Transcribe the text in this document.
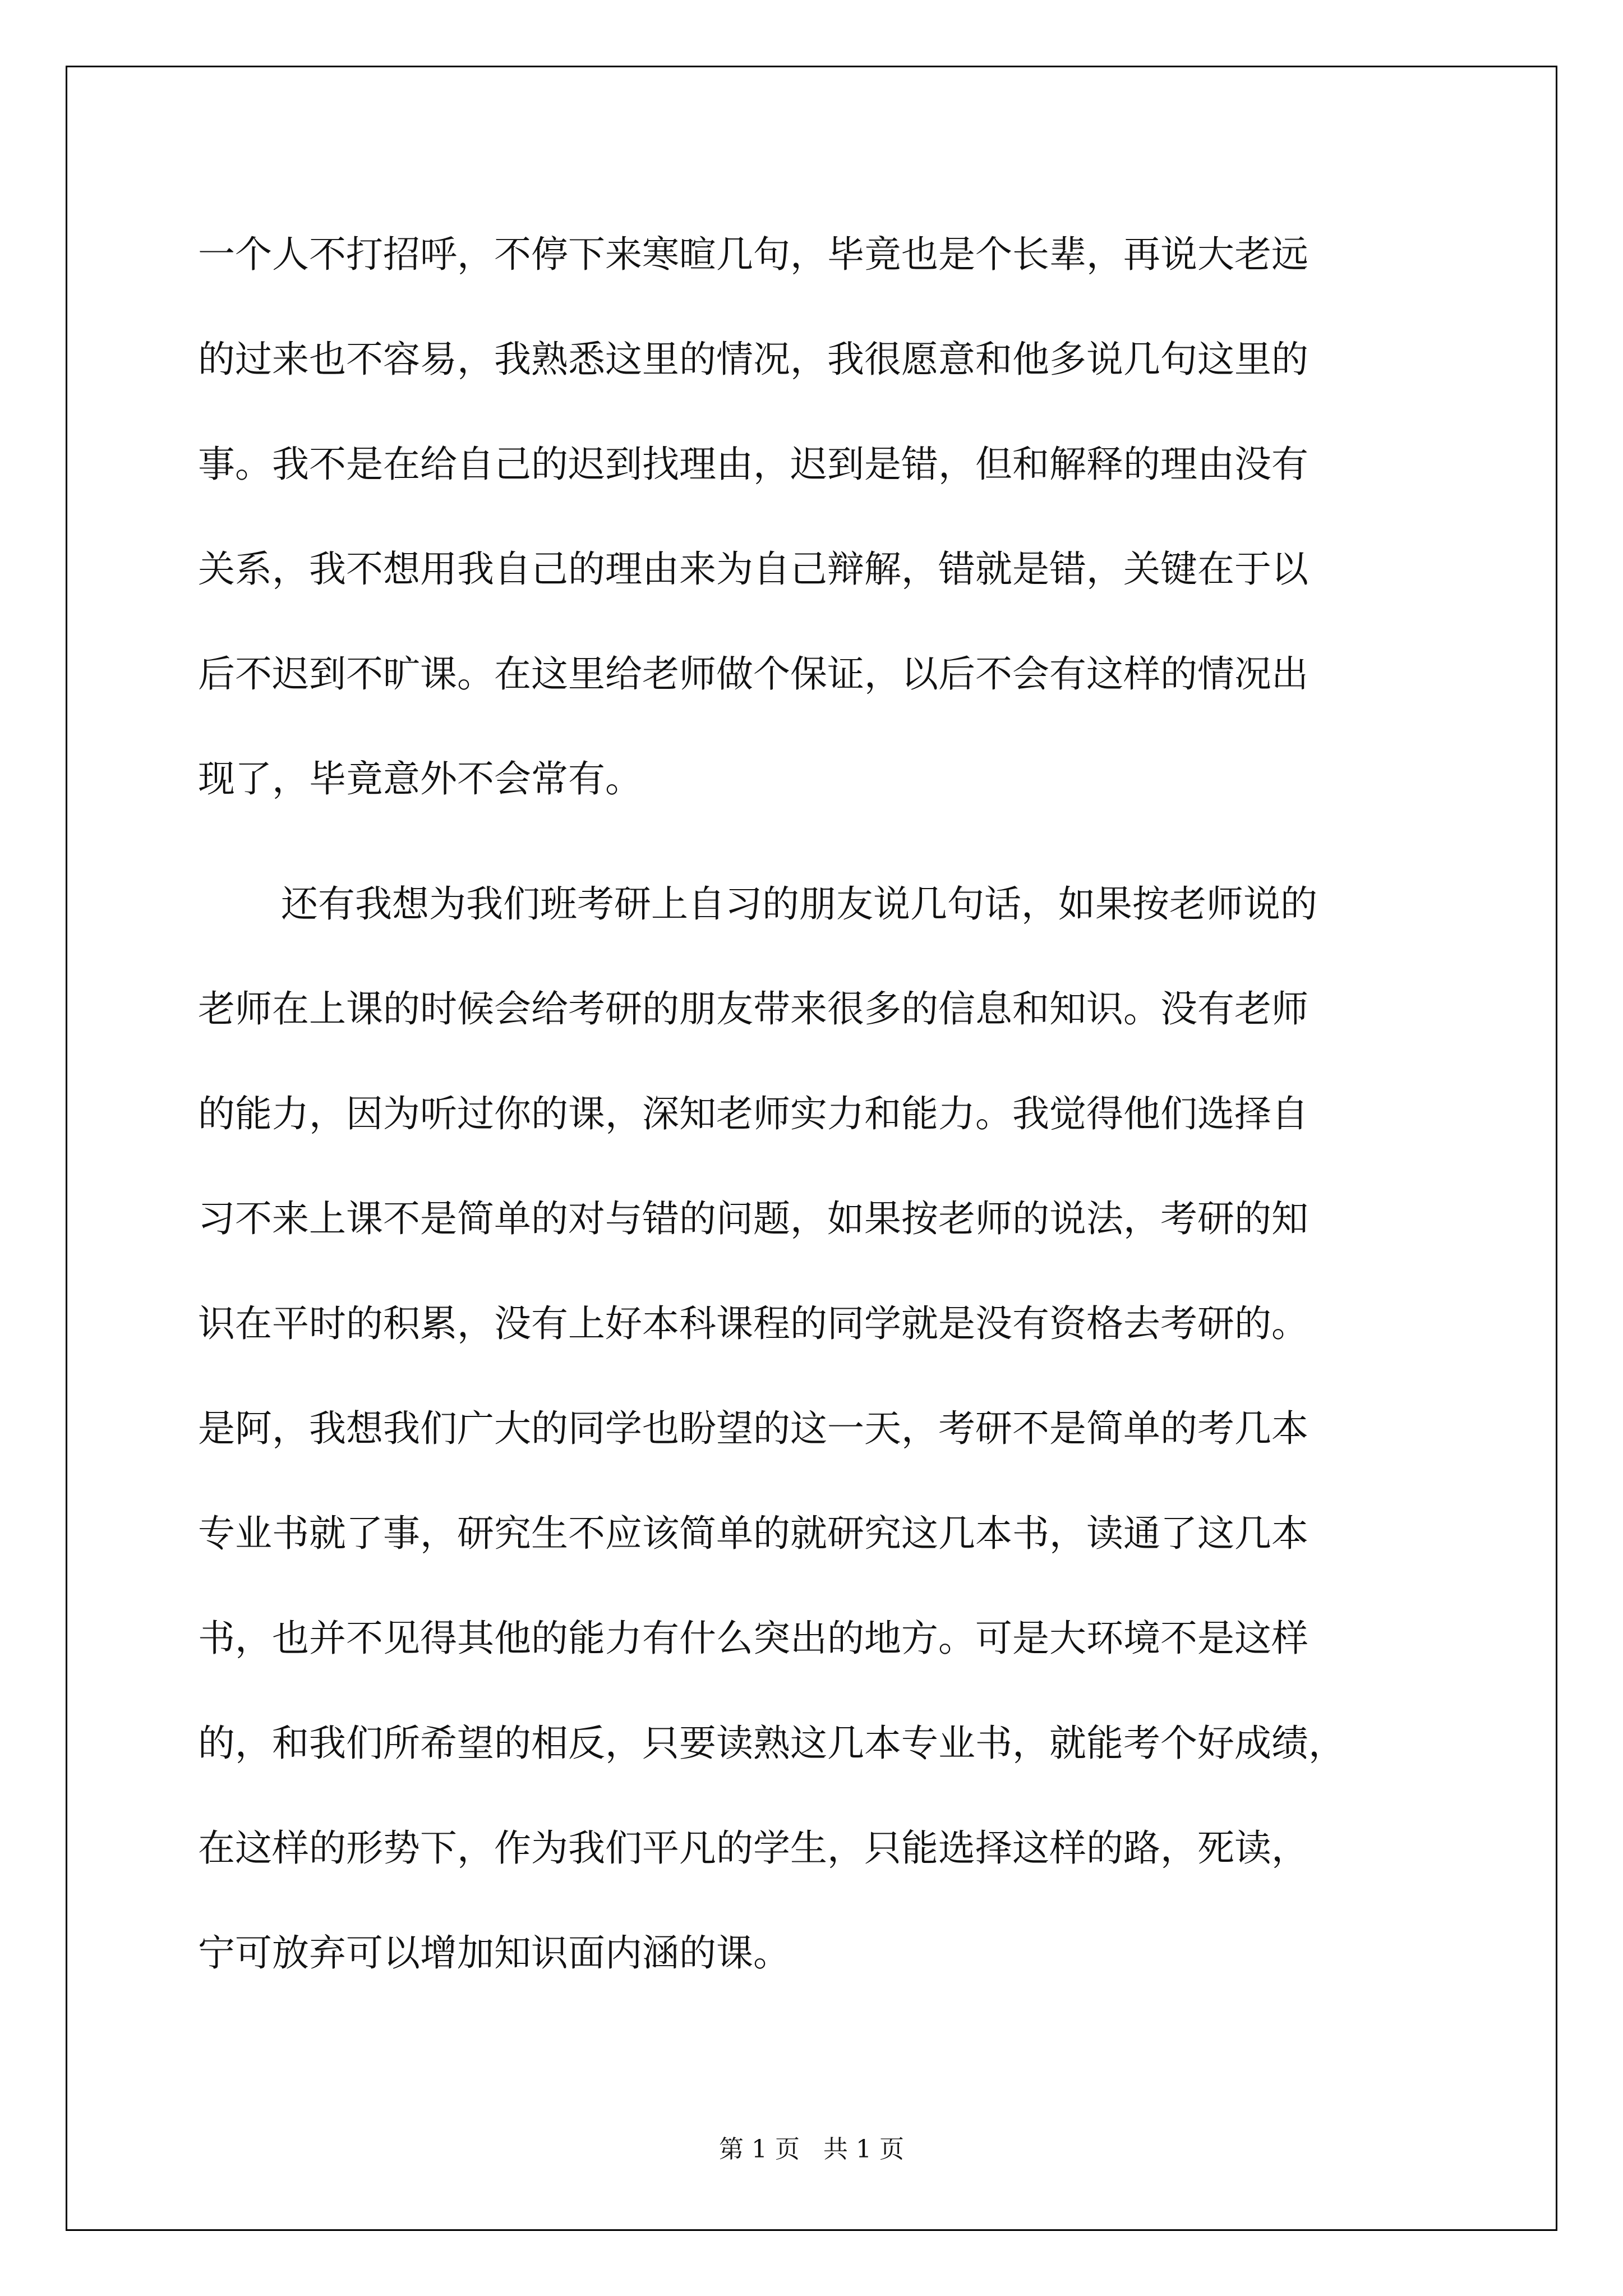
一个人不打招呼，不停下来寒暄几句，毕竟也是个长辈，再说大老远
的过来也不容易，我熟悉这里的情况，我很愿意和他多说几句这里的
事。我不是在给自己的迟到找理由，迟到是错，但和解释的理由没有
关系，我不想用我自己的理由来为自己辩解，错就是错，关键在于以
后不迟到不旷课。在这里给老师做个保证，以后不会有这样的情况出
现了，毕竟意外不会常有。
还有我想为我们班考研上自习的朋友说几句话，如果按老师说的
老师在上课的时候会给考研的朋友带来很多的信息和知识。没有老师
的能力，因为听过你的课，深知老师实力和能力。我觉得他们选择自
习不来上课不是简单的对与错的问题，如果按老师的说法，考研的知
识在平时的积累，没有上好本科课程的同学就是没有资格去考研的。
是阿，我想我们广大的同学也盼望的这一天，考研不是简单的考几本
专业书就了事，研究生不应该简单的就研究这几本书，读通了这几本
书，也并不见得其他的能力有什么突出的地方。可是大环境不是这样
的，和我们所希望的相反，只要读熟这几本专业书，就能考个好成绩，
在这样的形势下，作为我们平凡的学生，只能选择这样的路，死读，
宁可放弃可以增加知识面内涵的课。
第 1 页   共 1 页
